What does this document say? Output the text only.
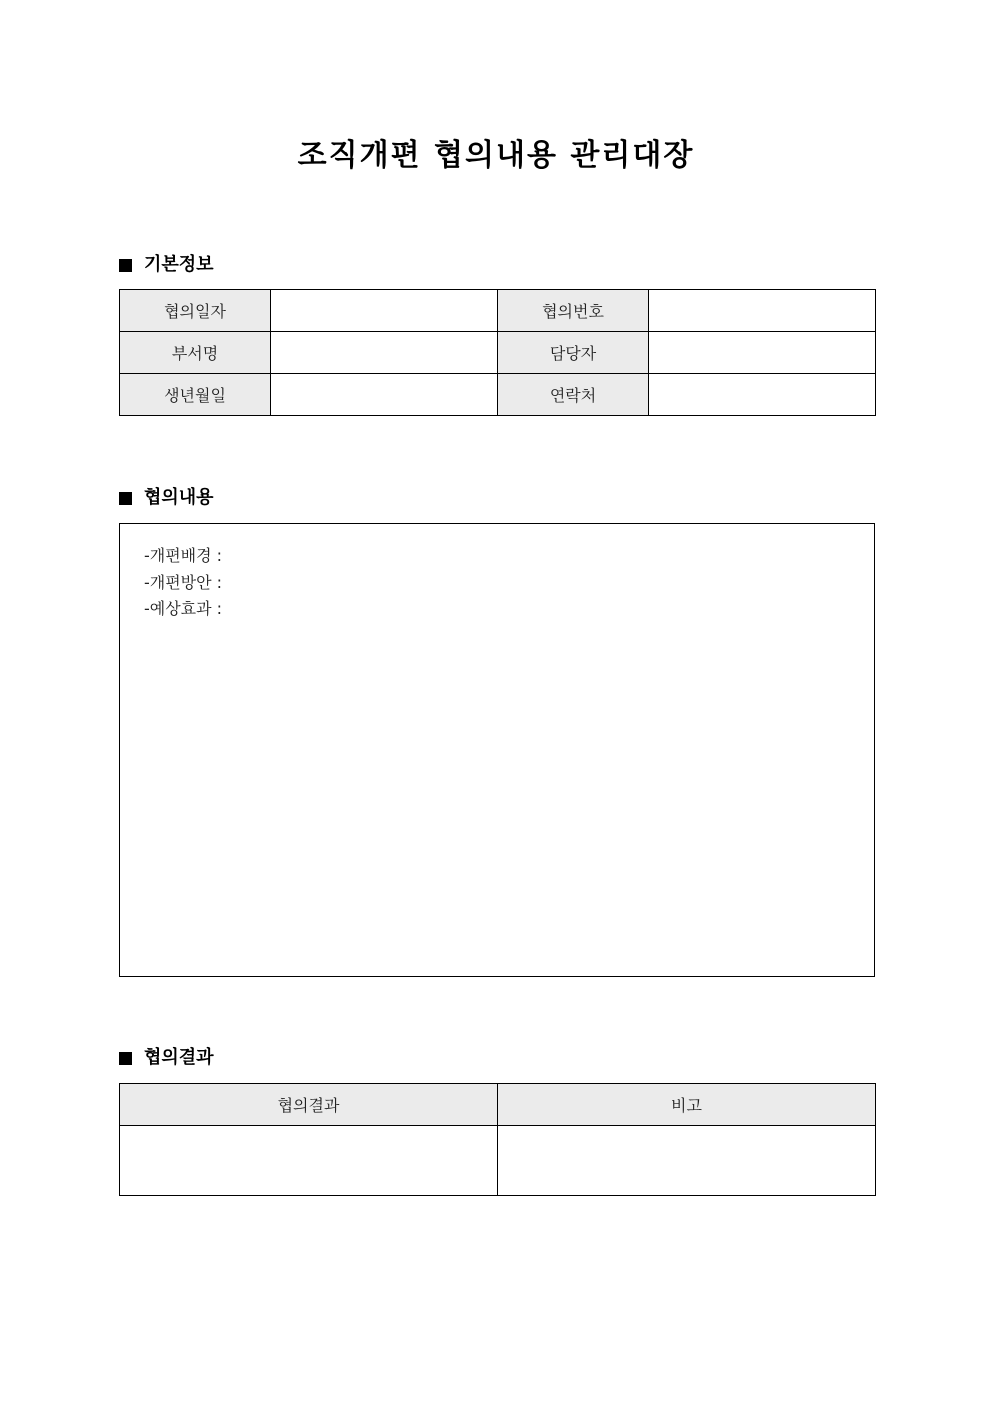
조직개편 협의내용 관리대장
기본정보
협의일자		협의번호	
부서명		담당자	
생년월일		연락처	
협의내용
-개편배경 :
-개편방안 :
-예상효과 :
협의결과
협의결과	비고
